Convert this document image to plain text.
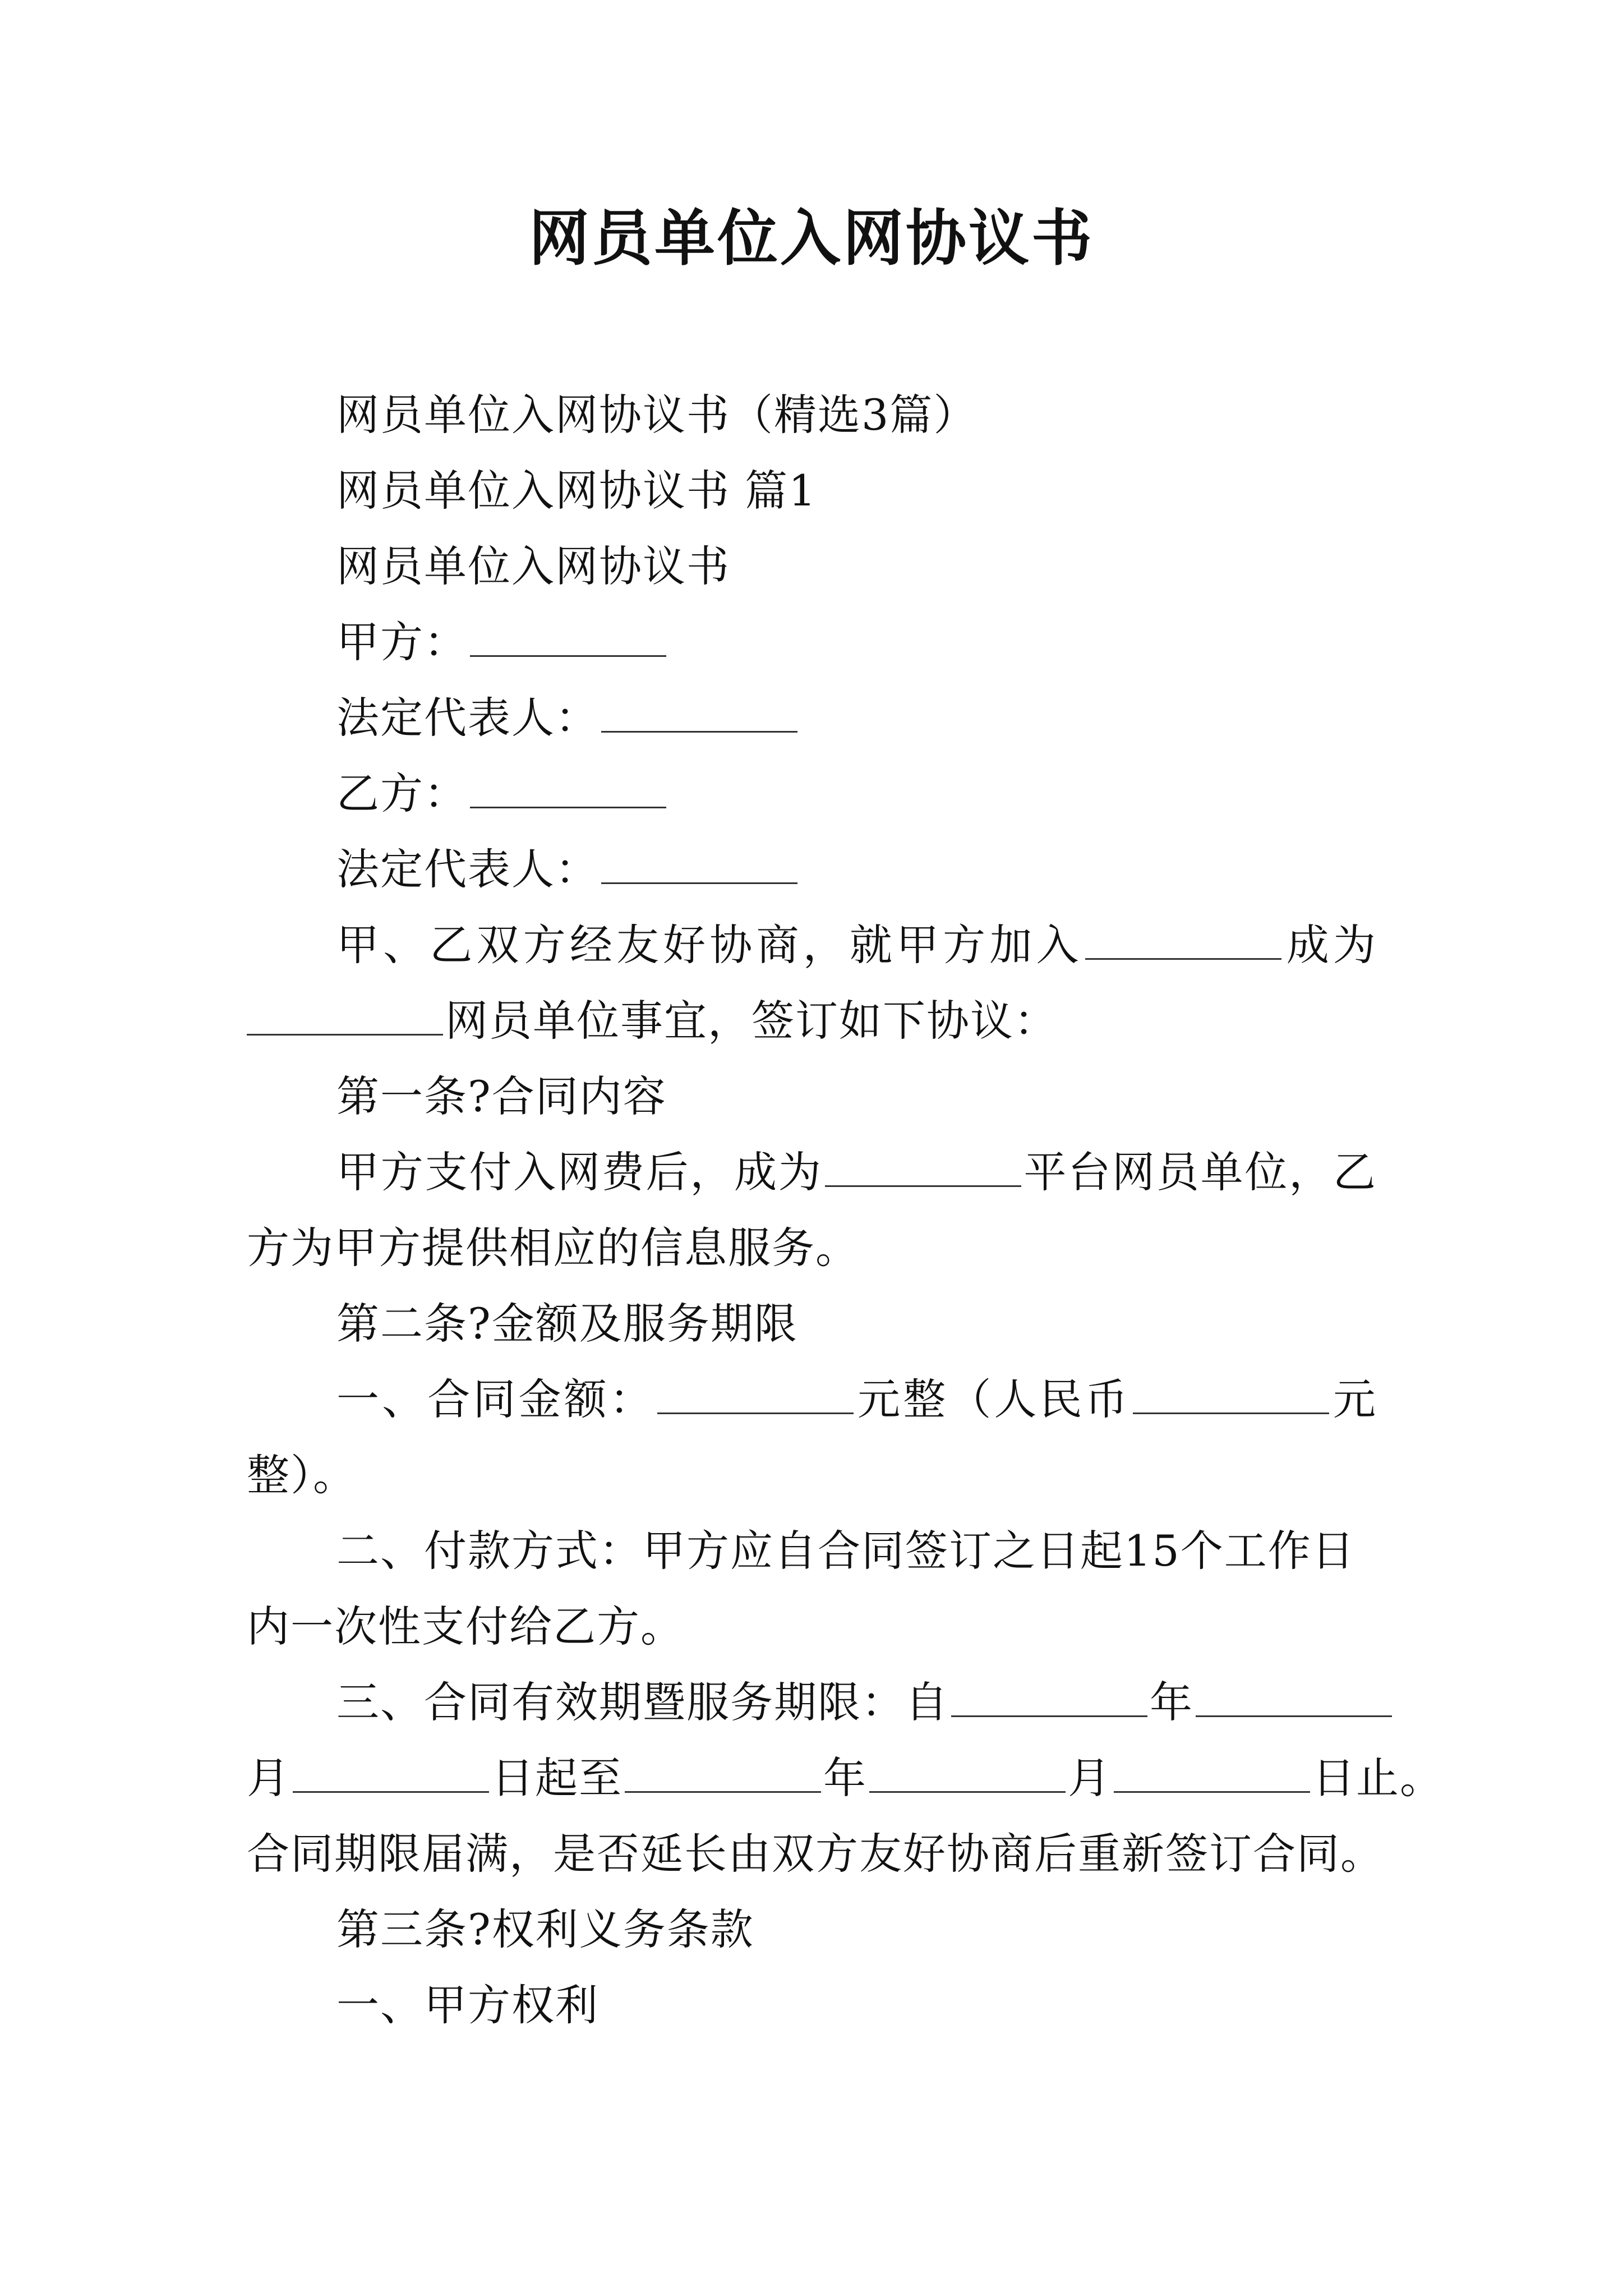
网员单位入网协议书
网员单位入网协议书（精选3篇）
网员单位入网协议书 篇1
网员单位入网协议书
甲方：
法定代表人：
乙方：
法定代表人：
甲、乙双方经友好协商，就甲方加入	成为
网员单位事宜，签订如下协议：
第一条?合同内容
甲方支付入网费后，成为	平台网员单位，乙
方为甲方提供相应的信息服务。
第二条?金额及服务期限
一、合同金额：	元整（人民币	元
整）。
二、付款方式：甲方应自合同签订之日起15个工作日
内一次性支付给乙方。
三、合同有效期暨服务期限：自	年
月	日起至	年	月	日止。
合同期限届满，是否延长由双方友好协商后重新签订合同。
第三条?权利义务条款
一、甲方权利
